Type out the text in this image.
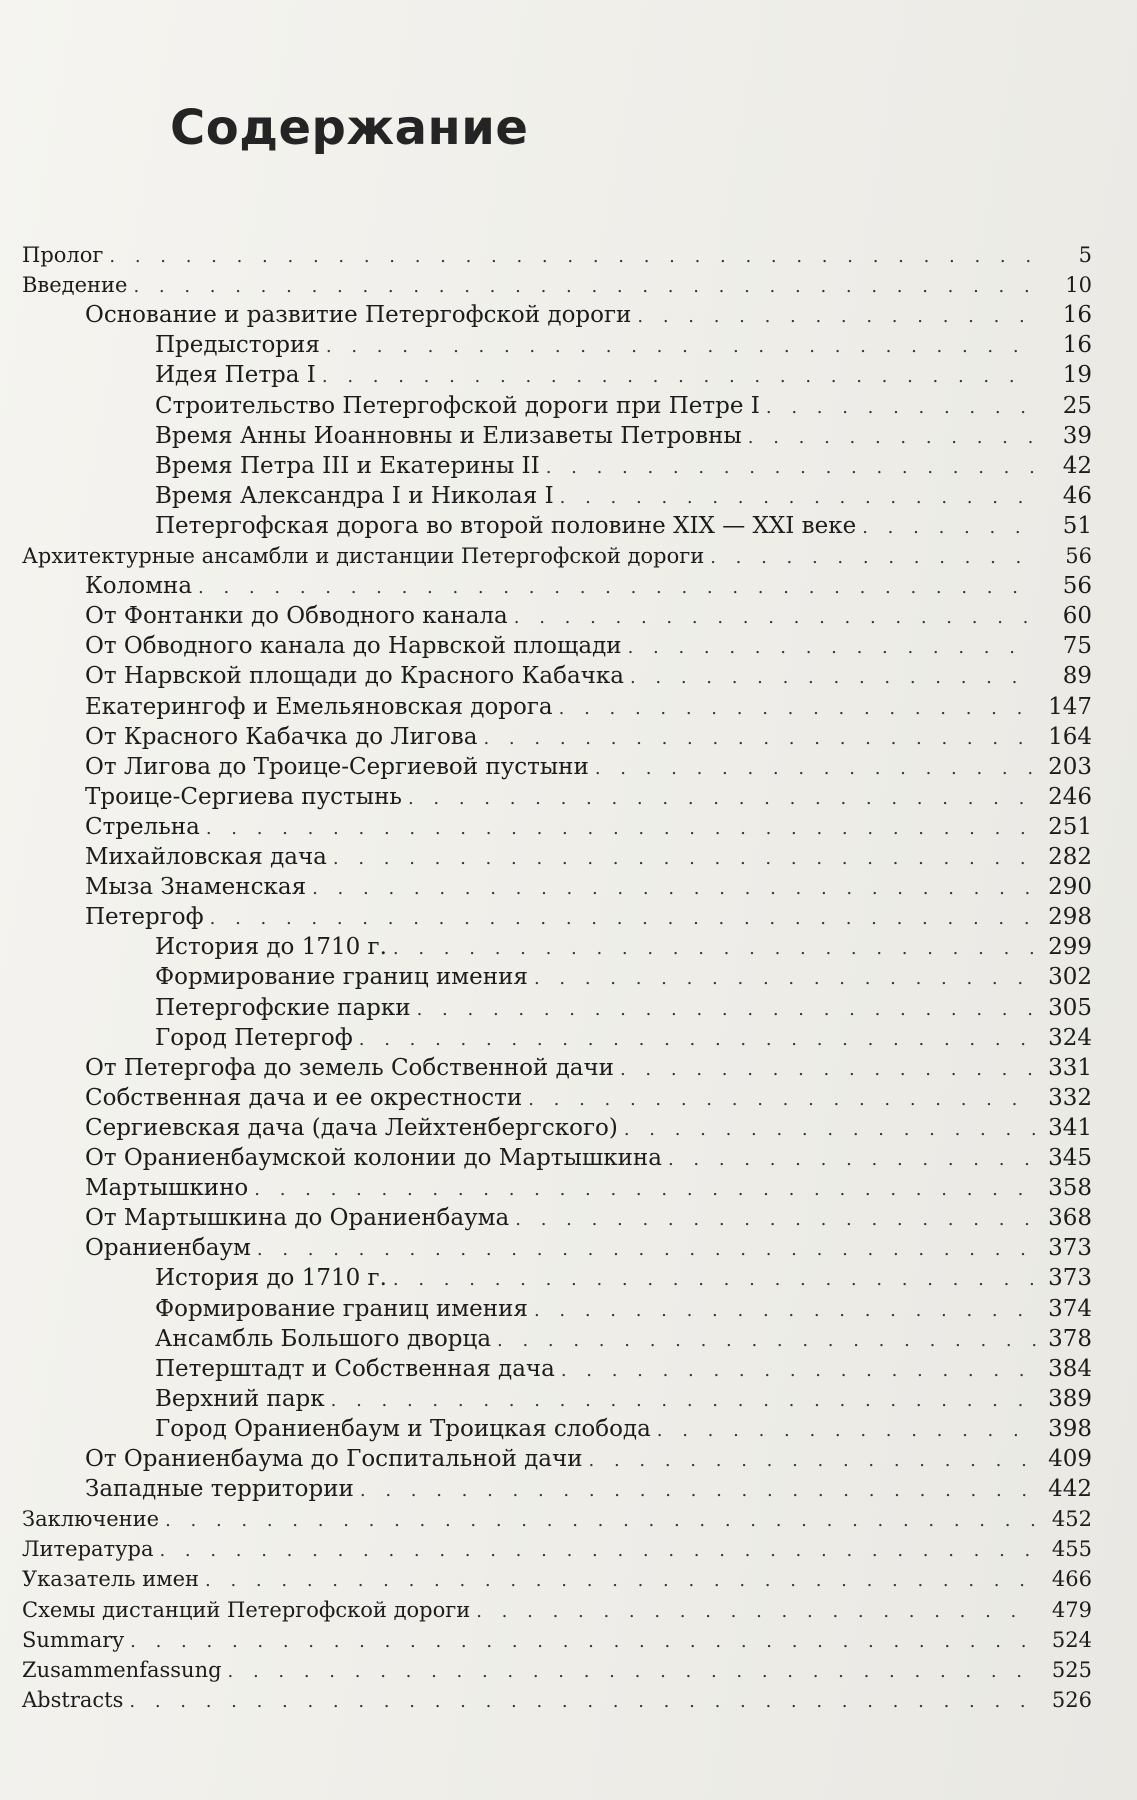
Содержание
Пролог . . .	5
Введение . . .	10
Основание и развитие Петергофской дороги . . .	16
Предыстория . . .	16
Идея Петра I . . .	19
Строительство Петергофской дороги при Петре I . . .	25
Время Анны Иоанновны и Елизаветы Петровны . . .	39
Время Петра III и Екатерины II . . .	42
Время Александра I и Николая I . . .	46
Петергофская дорога во второй половине XIX — XXI веке . . .	51
Архитектурные ансамбли и дистанции Петергофской дороги . . .	56
Коломна . . .	56
От Фонтанки до Обводного канала . . .	60
От Обводного канала до Нарвской площади . . .	75
От Нарвской площади до Красного Кабачка . . .	89
Екатерингоф и Емельяновская дорога . . .	147
От Красного Кабачка до Лигова . . .	164
От Лигова до Троице-Сергиевой пустыни . . .	203
Троице-Сергиева пустынь . . .	246
Стрельна . . .	251
Михайловская дача . . .	282
Мыза Знаменская . . .	290
Петергоф . . .	298
История до 1710 г. . . .	299
Формирование границ имения . . .	302
Петергофские парки . . .	305
Город Петергоф . . .	324
От Петергофа до земель Собственной дачи . . .	331
Собственная дача и ее окрестности . . .	332
Сергиевская дача (дача Лейхтенбергского) . . .	341
От Ораниенбаумской колонии до Мартышкина . . .	345
Мартышкино . . .	358
От Мартышкина до Ораниенбаума . . .	368
Ораниенбаум . . .	373
История до 1710 г. . . .	373
Формирование границ имения . . .	374
Ансамбль Большого дворца . . .	378
Петерштадт и Собственная дача . . .	384
Верхний парк . . .	389
Город Ораниенбаум и Троицкая слобода . . .	398
От Ораниенбаума до Госпитальной дачи . . .	409
Западные территории . . .	442
Заключение . . .	452
Литература . . .	455
Указатель имен . . .	466
Схемы дистанций Петергофской дороги . . .	479
Summary . . .	524
Zusammenfassung . . .	525
Abstracts . . .	526
